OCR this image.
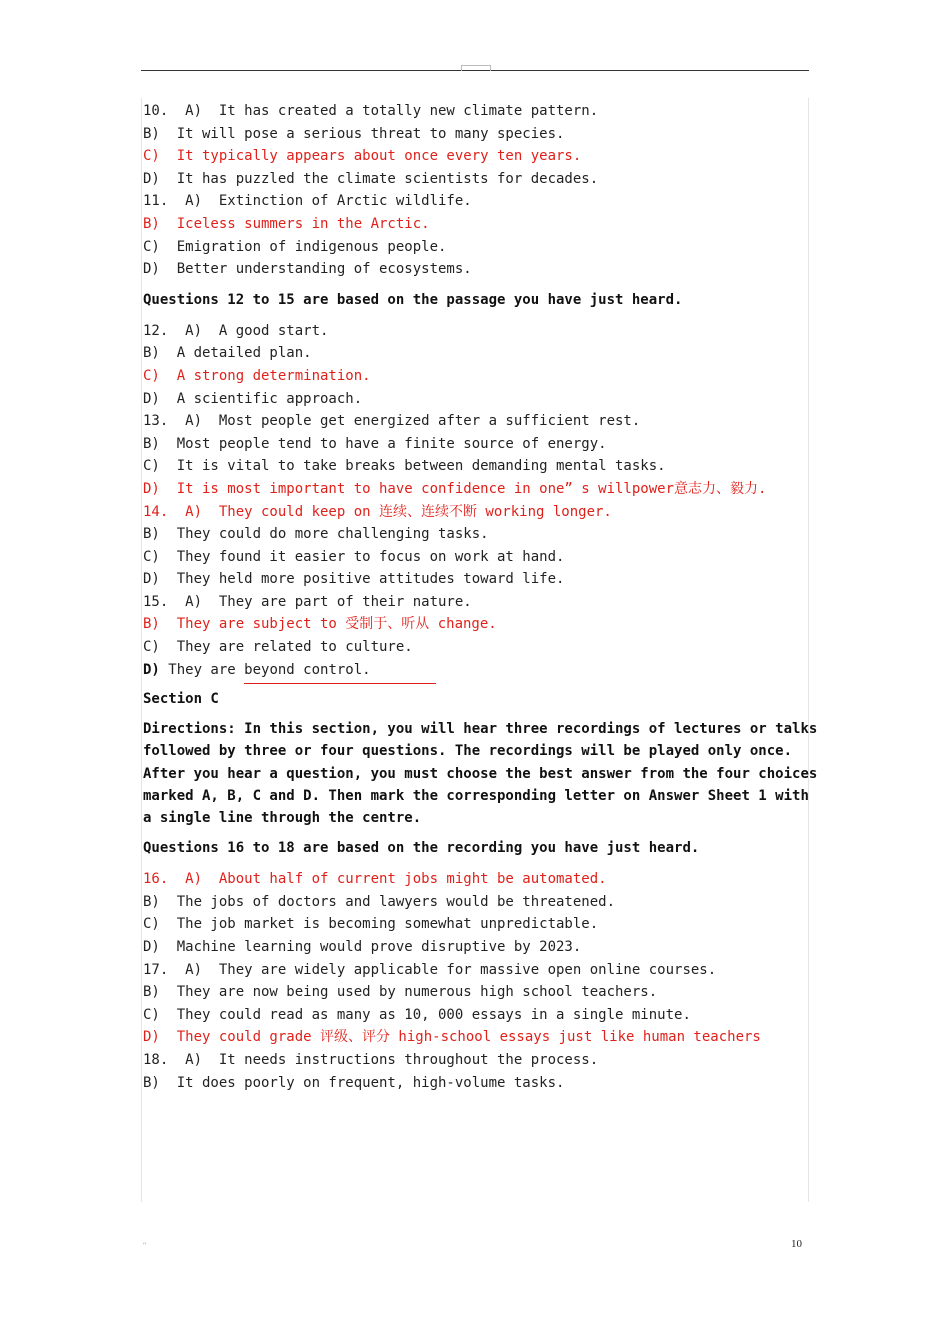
10.  A)  It has created a totally new climate pattern.
B)  It will pose a serious threat to many species.
C)  It typically appears about once every ten years.
D)  It has puzzled the climate scientists for decades.
11.  A)  Extinction of Arctic wildlife.
B)  Iceless summers in the Arctic.
C)  Emigration of indigenous people.
D)  Better understanding of ecosystems.
Questions 12 to 15 are based on the passage you have just heard.
12.  A)  A good start.
B)  A detailed plan.
C)  A strong determination.
D)  A scientific approach.
13.  A)  Most people get energized after a sufficient rest.
B)  Most people tend to have a finite source of energy.
C)  It is vital to take breaks between demanding mental tasks.
D)  It is most important to have confidence in one” s willpower意志力、毅力.
14.  A)  They could keep on 连续、连续不断 working longer.
B)  They could do more challenging tasks.
C)  They found it easier to focus on work at hand.
D)  They held more positive attitudes toward life.
15.  A)  They are part of their nature.
B)  They are subject to 受制于、听从 change.
C)  They are related to culture.
D) They are beyond control.
Section C
Directions: In this section, you will hear three recordings of lectures or talks followed by three or four questions. The recordings will be played only once. After you hear a question, you must choose the best answer from the four choices marked A, B, C and D. Then mark the corresponding letter on Answer Sheet 1 with a single line through the centre.
Questions 16 to 18 are based on the recording you have just heard.
16.  A)  About half of current jobs might be automated.
B)  The jobs of doctors and lawyers would be threatened.
C)  The job market is becoming somewhat unpredictable.
D)  Machine learning would prove disruptive by 2023.
17.  A)  They are widely applicable for massive open online courses.
B)  They are now being used by numerous high school teachers.
C)  They could read as many as 10, 000 essays in a single minute.
D)  They could grade 评级、评分 high-school essays just like human teachers
18.  A)  It needs instructions throughout the process.
B)  It does poorly on frequent, high-volume tasks.
″	10
